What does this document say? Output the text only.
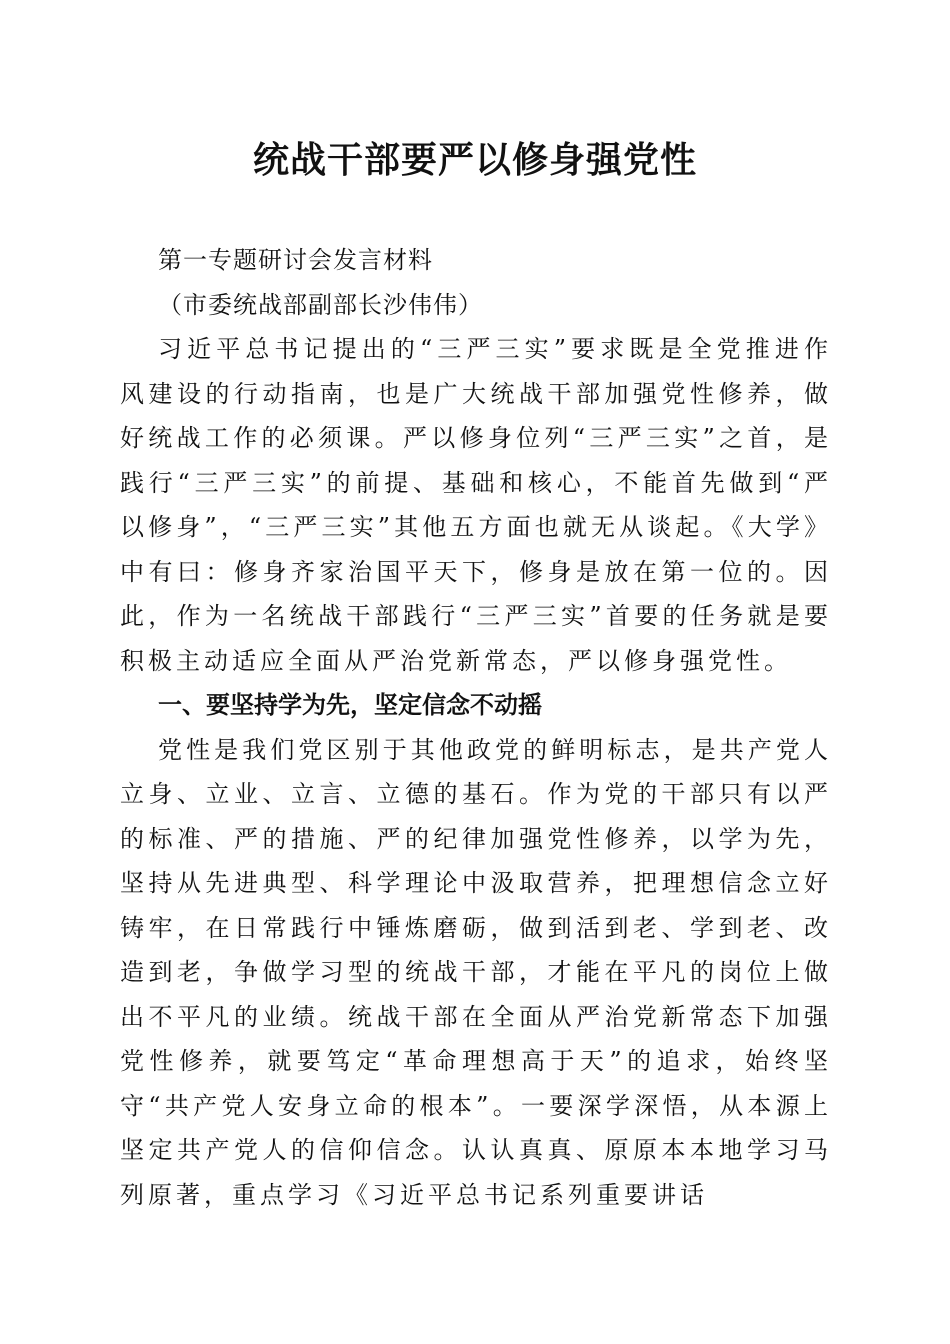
统战干部要严以修身强党性

第一专题研讨会发言材料

（市委统战部副部长沙伟伟）

习近平总书记提出的“三严三实”要求既是全党推进作风建设的行动指南，也是广大统战干部加强党性修养，做好统战工作的必须课。严以修身位列“三严三实”之首，是践行“三严三实”的前提、基础和核心，不能首先做到“严以修身”，“三严三实”其他五方面也就无从谈起。《大学》中有曰：修身齐家治国平天下，修身是放在第一位的。因此，作为一名统战干部践行“三严三实”首要的任务就是要积极主动适应全面从严治党新常态，严以修身强党性。

一、要坚持学为先，坚定信念不动摇

党性是我们党区别于其他政党的鲜明标志，是共产党人立身、立业、立言、立德的基石。作为党的干部只有以严的标准、严的措施、严的纪律加强党性修养，以学为先，坚持从先进典型、科学理论中汲取营养，把理想信念立好铸牢，在日常践行中锤炼磨砺，做到活到老、学到老、改造到老，争做学习型的统战干部，才能在平凡的岗位上做出不平凡的业绩。统战干部在全面从严治党新常态下加强党性修养，就要笃定“革命理想高于天”的追求，始终坚守“共产党人安身立命的根本”。一要深学深悟，从本源上坚定共产党人的信仰信念。认认真真、原原本本地学习马列原著，重点学习《习近平总书记系列重要讲话
